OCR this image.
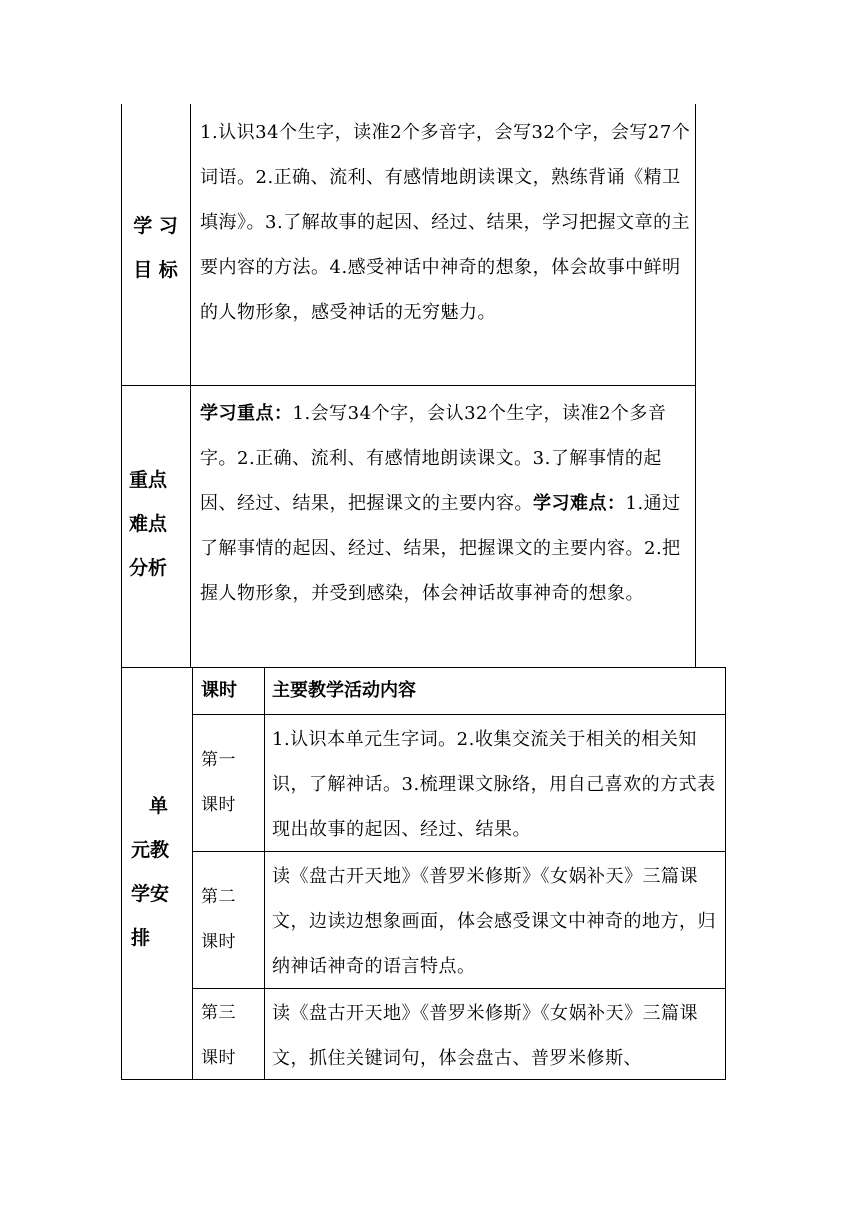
学 习
目 标
1.认识34个生字，读准2个多音字，会写32个字，会写27个词语。2.正确、流利、有感情地朗读课文，熟练背诵《精卫填海》。3.了解故事的起因、经过、结果，学习把握文章的主要内容的方法。4.感受神话中神奇的想象，体会故事中鲜明的人物形象，感受神话的无穷魅力。
重点
难点
分析
学习重点：1.会写34个字，会认32个生字，读准2个多音字。2.正确、流利、有感情地朗读课文。3.了解事情的起因、经过、结果，把握课文的主要内容。学习难点：1.通过了解事情的起因、经过、结果，把握课文的主要内容。2.把握人物形象，并受到感染，体会神话故事神奇的想象。
单
元教
学安
排
课时	主要教学活动内容
第一
课时
1.认识本单元生字词。2.收集交流关于相关的相关知识，了解神话。3.梳理课文脉络，用自己喜欢的方式表现出故事的起因、经过、结果。
第二
课时
读《盘古开天地》《普罗米修斯》《女娲补天》三篇课文，边读边想象画面，体会感受课文中神奇的地方，归纳神话神奇的语言特点。
第三
课时
读《盘古开天地》《普罗米修斯》《女娲补天》三篇课文，抓住关键词句，体会盘古、普罗米修斯、
